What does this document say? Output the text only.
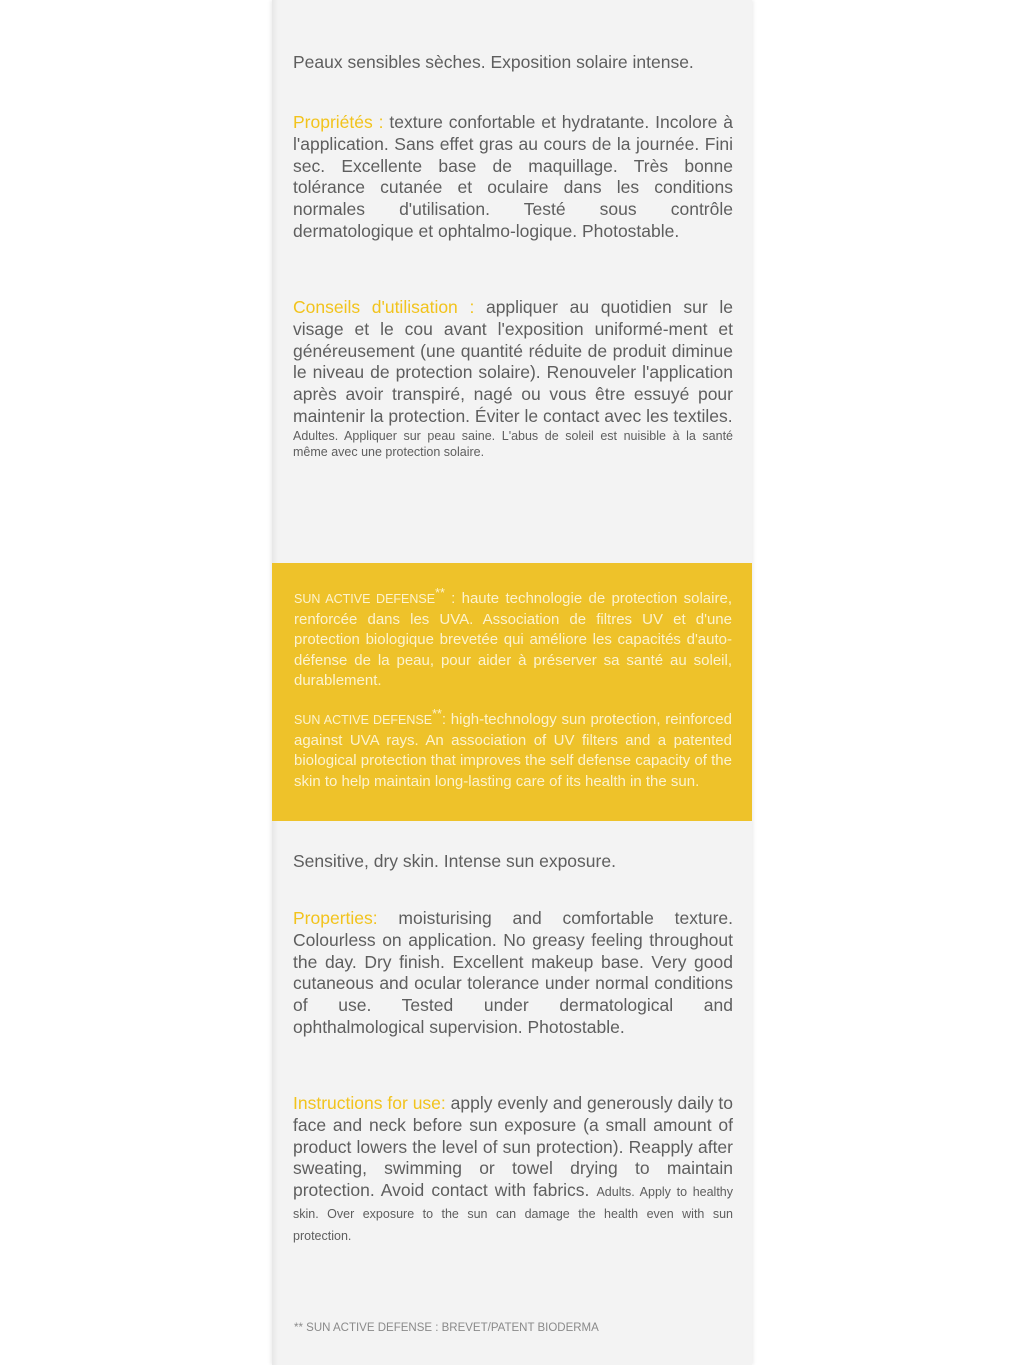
Peaux sensibles sèches. Exposition solaire intense.
Propriétés : texture confortable et hydratante. Incolore à l'application. Sans effet gras au cours de la journée. Fini sec. Excellente base de maquillage. Très bonne tolérance cutanée et oculaire dans les conditions normales d'utilisation. Testé sous contrôle dermatologique et ophtalmo-logique. Photostable.
Conseils d'utilisation : appliquer au quotidien sur le visage et le cou avant l'exposition uniformé-ment et généreusement (une quantité réduite de produit diminue le niveau de protection solaire). Renouveler l'application après avoir transpiré, nagé ou vous être essuyé pour maintenir la protection. Éviter le contact avec les textiles.
Adultes. Appliquer sur peau saine. L'abus de soleil est nuisible à la santé même avec une protection solaire.
SUN ACTIVE DEFENSE** : haute technologie de protection solaire, renforcée dans les UVA. Association de filtres UV et d'une protection biologique brevetée qui améliore les capacités d'auto-défense de la peau, pour aider à préserver sa santé au soleil, durablement.
SUN ACTIVE DEFENSE**: high-technology sun protection, reinforced against UVA rays. An association of UV filters and a patented biological protection that improves the self defense capacity of the skin to help maintain long-lasting care of its health in the sun.
Sensitive, dry skin. Intense sun exposure.
Properties: moisturising and comfortable texture. Colourless on application. No greasy feeling throughout the day. Dry finish. Excellent makeup base. Very good cutaneous and ocular tolerance under normal conditions of use. Tested under dermatological and ophthalmological supervision. Photostable.
Instructions for use: apply evenly and generously daily to face and neck before sun exposure (a small amount of product lowers the level of sun protection). Reapply after sweating, swimming or towel drying to maintain protection. Avoid contact with fabrics. Adults. Apply to healthy skin. Over exposure to the sun can damage the health even with sun protection.
** SUN ACTIVE DEFENSE : BREVET/PATENT BIODERMA
